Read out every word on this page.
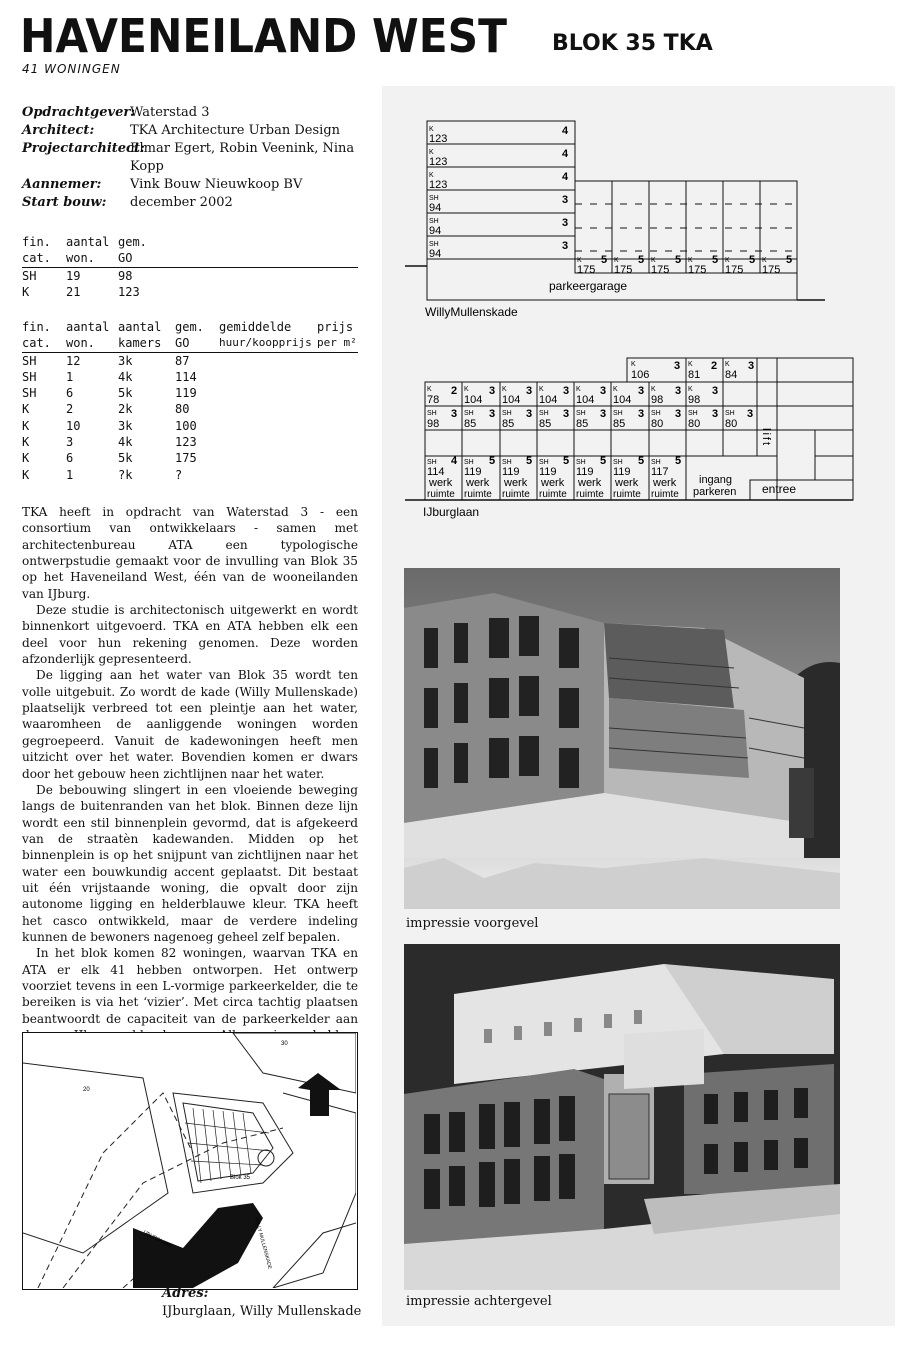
HAVENEILAND WEST BLOK 35 TKA
41 WONINGEN
Opdrachtgever:
Waterstad 3
Architect:	TKA Architecture Urban Design
Projectarchitect:
Elmar Egert, Robin Veenink, Nina Kopp
Aannemer: Vink Bouw Nieuwkoop BV
Start bouw: december 2002
fin.	aantal	gem.
cat.	won.	GO
SH	19	98
K	21	123
fin.	aantal	aantal	gem.	gemiddelde	prijs
cat.	won.	kamers	GO	huur/koopprijs	per m²
SH	12	3k	87		
SH	1	4k	114		
SH	6	5k	119		
K	2	2k	80		
K	10	3k	100		
K	3	4k	123		
K	6	5k	175		
K	1	?k	?		

TKA heeft in opdracht van Waterstad 3 - een consortium van ontwikkelaars - samen met architectenbureau ATA een typologische ontwerpstudie gemaakt voor de invulling van Blok 35 op het Haveneiland West, één van de wooneilanden van IJburg.

Deze studie is architectonisch uitgewerkt en wordt binnenkort uitgevoerd. TKA en ATA hebben elk een deel voor hun rekening genomen. Deze worden afzonderlijk gepresenteerd.

De ligging aan het water van Blok 35 wordt ten volle uitgebuit. Zo wordt de kade (Willy Mullenskade) plaatselijk verbreed tot een pleintje aan het water, waaromheen de aanliggende woningen worden gegroepeerd. Vanuit de kadewoningen heeft men uitzicht over het water. Bovendien komen er dwars door het gebouw heen zichtlijnen naar het water.

De bebouwing slingert in een vloeiende beweging langs de buitenranden van het blok. Binnen deze lijn wordt een stil binnenplein gevormd, dat is afgekeerd van de straatèn kadewanden. Midden op het binnenplein is op het snijpunt van zichtlijnen naar het water een bouwkundig accent geplaatst. Dit bestaat uit één vrijstaande woning, die opvalt door zijn autonome ligging en helderblauwe kleur. TKA heeft het casco ontwikkeld, maar de verdere indeling kunnen de bewoners nagenoeg geheel zelf bepalen.

In het blok komen 82 woningen, waarvan TKA en ATA er elk 41 hebben ontworpen. Het ontwerp voorziet tevens in een L-vormige parkeerkelder, die te bereiken is via het ‘vizier’. Met circa tachtig plaatsen beantwoordt de capaciteit van de parkeerkelder aan

20
30
Blok 35
IJBURGLAAN	WILLY MULLENSKADE
Adres:
IJburglaan, Willy Mullenskade
K
K
K
SH
SH
SH
123
123
123
94
94
94
4
4
4
3
3
3
K	K	K	K	K	K
175 175 175 175 175 175
5	5	5	5	5	5
parkeergarage
WillyMullenskade
K	K	K
106	81 84
3	2	3
K	K	K	K	K	K	K	K
78 104 104 104 104 104 98 98
2	3	3	3	3	3	3	3
SH	SH	SH	SH	SH	SH	SH	SH	SH
98 85 85 85 85 85 80 80 80
3	3	3	3	3	3	3	3	3
SH	SH	SH	SH	SH	SH	SH
114 119 119 119 119 119 117
4	5	5	5	5	5	5
werk werk werk werk werk werk werk
ruimte ruimte ruimte ruimte ruimte ruimte ruimte
ingang
parkeren entree
lift
IJburglaan
impressie voorgevel
impressie achtergevel
